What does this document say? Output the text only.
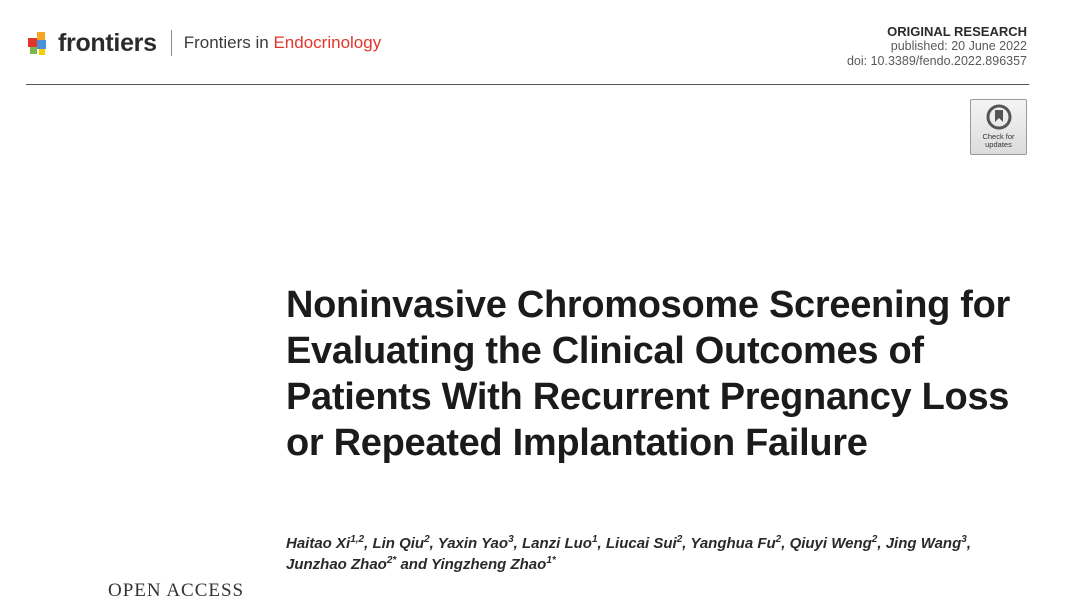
frontiers Frontiers in Endocrinology
ORIGINAL RESEARCH
published: 20 June 2022
doi: 10.3389/fendo.2022.896357
Check for updates
Noninvasive Chromosome Screening for Evaluating the Clinical Outcomes of Patients With Recurrent Pregnancy Loss or Repeated Implantation Failure

Haitao Xi$^{1,2}$, Lin Qiu$^2$, Yaxin Yao$^3$, Lanzi Luo$^1$, Liucai Sui$^2$, Yanghua Fu$^2$, Qiuyi Weng$^2$, Jing Wang$^3$, Junzhao Zhao$^{2*}$ and Yingzheng Zhao$^{1*}$

OPEN ACCESS
